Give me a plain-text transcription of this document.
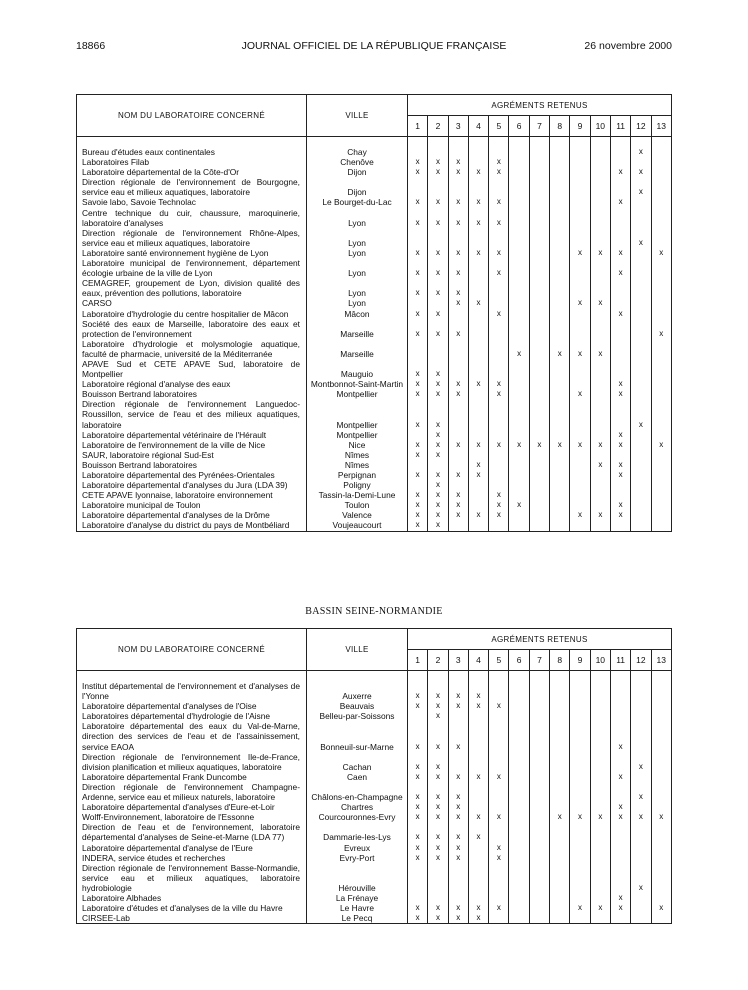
18866	JOURNAL OFFICIEL DE LA RÉPUBLIQUE FRANÇAISE	26 novembre 2000
NOM DU LABORATOIRE CONCERNÉ	VILLE	AGRÉMENTS RETENUS												
		1	2	3	4	5	6	7	8	9	10	11	12	13

Bureau d'études eaux continentales	Chay												x	
Laboratoires Filab	Chenôve	x	x	x		x								
Laboratoire départemental de la Côte-d'Or	Dijon	x	x	x	x	x						x	x	
Direction régionale de l'environnement de Bourgogne, service eau et milieux aquatiques, laboratoire	Dijon												x	
Savoie labo, Savoie Technolac	Le Bourget-du-Lac	x	x	x	x	x						x		
Centre technique du cuir, chaussure, maroquinerie, laboratoire d'analyses	Lyon	x	x	x	x	x								
Direction régionale de l'environnement Rhône-Alpes, service eau et milieux aquatiques, laboratoire	Lyon												x	
Laboratoire santé environnement hygiène de Lyon	Lyon	x	x	x	x	x				x	x	x		x
Laboratoire municipal de l'environnement, département écologie urbaine de la ville de Lyon	Lyon	x	x	x		x						x		
CEMAGREF, groupement de Lyon, division qualité des eaux, prévention des pollutions, laboratoire	Lyon	x	x	x										
CARSO	Lyon			x	x					x	x			
Laboratoire d'hydrologie du centre hospitalier de Mâcon	Mâcon	x	x			x						x		
Société des eaux de Marseille, laboratoire des eaux et protection de l'environnement	Marseille	x	x	x										x
Laboratoire d'hydrologie et molysmologie aquatique, faculté de pharmacie, université de la Méditerranée	Marseille						x		x	x	x			
APAVE Sud et CETE APAVE Sud, laboratoire de Montpellier	Mauguio	x	x											
Laboratoire régional d'analyse des eaux	Montbonnot-Saint-Martin	x	x	x	x	x						x		
Bouisson Bertrand laboratoires	Montpellier	x	x	x		x				x		x		
Direction régionale de l'environnement Languedoc-Roussillon, service de l'eau et des milieux aquatiques, laboratoire	Montpellier	x	x										x	
Laboratoire départemental vétérinaire de l'Hérault	Montpellier		x									x		
Laboratoire de l'environnement de la ville de Nice	Nice	x	x	x	x	x	x	x	x	x	x	x		x
SAUR, laboratoire régional Sud-Est	Nîmes	x	x											
Bouisson Bertrand laboratoires	Nîmes				x						x	x		
Laboratoire départemental des Pyrénées-Orientales	Perpignan	x	x	x	x							x		
Laboratoire départemental d'analyses du Jura (LDA 39)	Poligny		x											
CETE APAVE lyonnaise, laboratoire environnement	Tassin-la-Demi-Lune	x	x	x		x								
Laboratoire municipal de Toulon	Toulon	x	x	x		x	x					x		
Laboratoire départemental d'analyses de la Drôme	Valence	x	x	x	x	x				x	x	x		
Laboratoire d'analyse du district du pays de Montbéliard	Voujeaucourt	x	x											
BASSIN SEINE-NORMANDIE
NOM DU LABORATOIRE CONCERNÉ	VILLE	AGRÉMENTS RETENUS												
		1	2	3	4	5	6	7	8	9	10	11	12	13

Institut départemental de l'environnement et d'analyses de l'Yonne	Auxerre	x	x	x	x									
Laboratoire départemental d'analyses de l'Oise	Beauvais	x	x	x	x	x								
Laboratoires départemental d'hydrologie de l'Aisne	Belleu-par-Soissons		x											
Laboratoire départemental des eaux du Val-de-Marne, direction des services de l'eau et de l'assainissement, service EAOA	Bonneuil-sur-Marne	x	x	x								x		
Direction régionale de l'environnement Ile-de-France, division planification et milieux aquatiques, laboratoire	Cachan	x	x										x	
Laboratoire départemental Frank Duncombe	Caen	x	x	x	x	x						x		
Direction régionale de l'environnement Champagne-Ardenne, service eau et milieux naturels, laboratoire	Châlons-en-Champagne	x	x	x									x	
Laboratoire départemental d'analyses d'Eure-et-Loir	Chartres	x	x	x								x		
Wolff-Environnement, laboratoire de l'Essonne	Courcouronnes-Evry	x	x	x	x	x			x	x	x	x	x	x
Direction de l'eau et de l'environnement, laboratoire départemental d'analyses de Seine-et-Marne (LDA 77)	Dammarie-les-Lys	x	x	x	x									
Laboratoire départemental d'analyse de l'Eure	Evreux	x	x	x		x								
INDERA, service études et recherches	Evry-Port	x	x	x		x								
Direction régionale de l'environnement Basse-Normandie, service eau et milieux aquatiques, laboratoire hydrobiologie	Hérouville												x	
Laboratoire Albhades	La Frénaye											x		
Laboratoire d'études et d'analyses de la ville du Havre	Le Havre	x	x	x	x	x				x	x	x		x
CIRSEE-Lab	Le Pecq	x	x	x	x									
